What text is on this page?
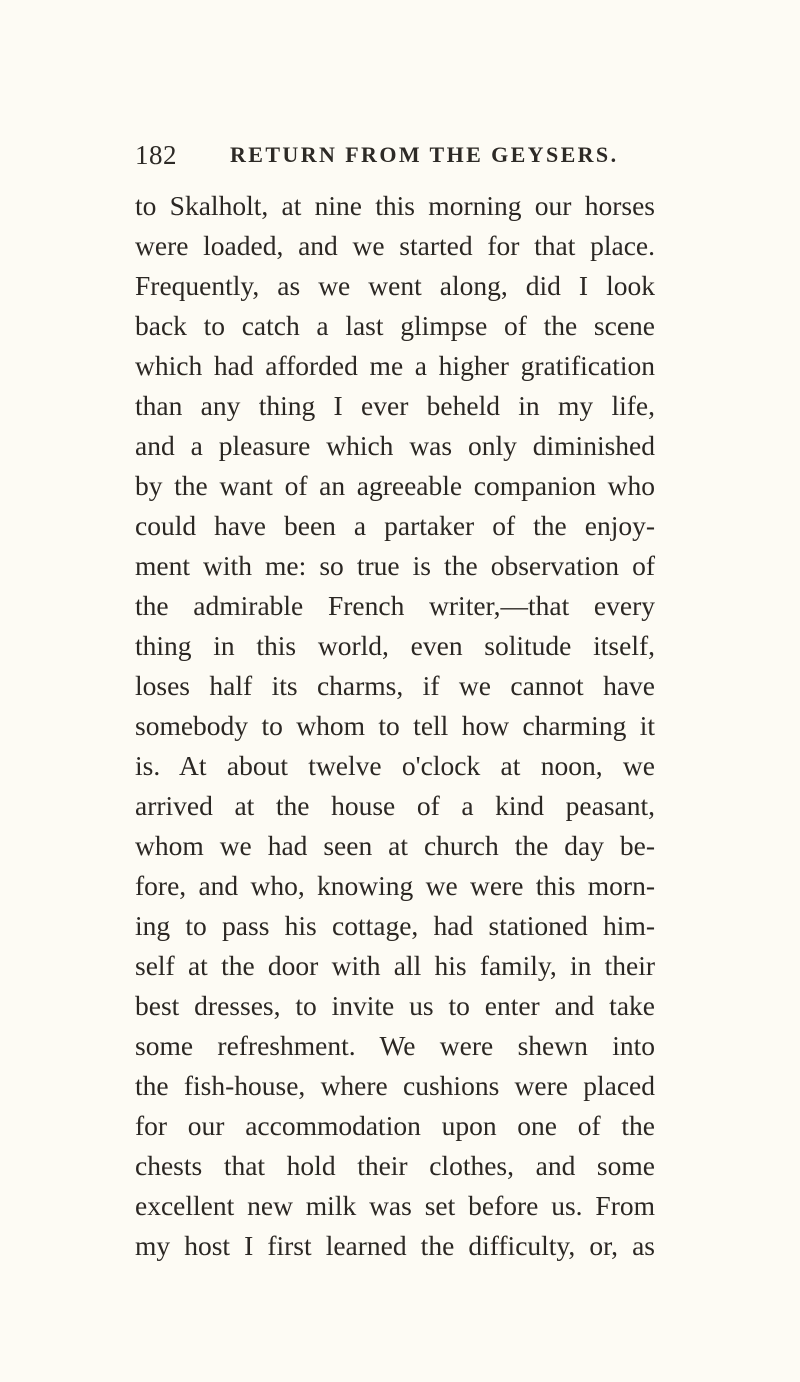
182 RETURN FROM THE GEYSERS.
to Skalholt, at nine this morning our horses
were loaded, and we started for that place.
Frequently, as we went along, did I look
back to catch a last glimpse of the scene
which had afforded me a higher gratification
than any thing I ever beheld in my life,
and a pleasure which was only diminished
by the want of an agreeable companion who
could have been a partaker of the enjoy-
ment with me: so true is the observation of
the admirable French writer,—that every
thing in this world, even solitude itself,
loses half its charms, if we cannot have
somebody to whom to tell how charming it
is. At about twelve o'clock at noon, we
arrived at the house of a kind peasant,
whom we had seen at church the day be-
fore, and who, knowing we were this morn-
ing to pass his cottage, had stationed him-
self at the door with all his family, in their
best dresses, to invite us to enter and take
some refreshment. We were shewn into
the fish-house, where cushions were placed
for our accommodation upon one of the
chests that hold their clothes, and some
excellent new milk was set before us. From
my host I first learned the difficulty, or, as
